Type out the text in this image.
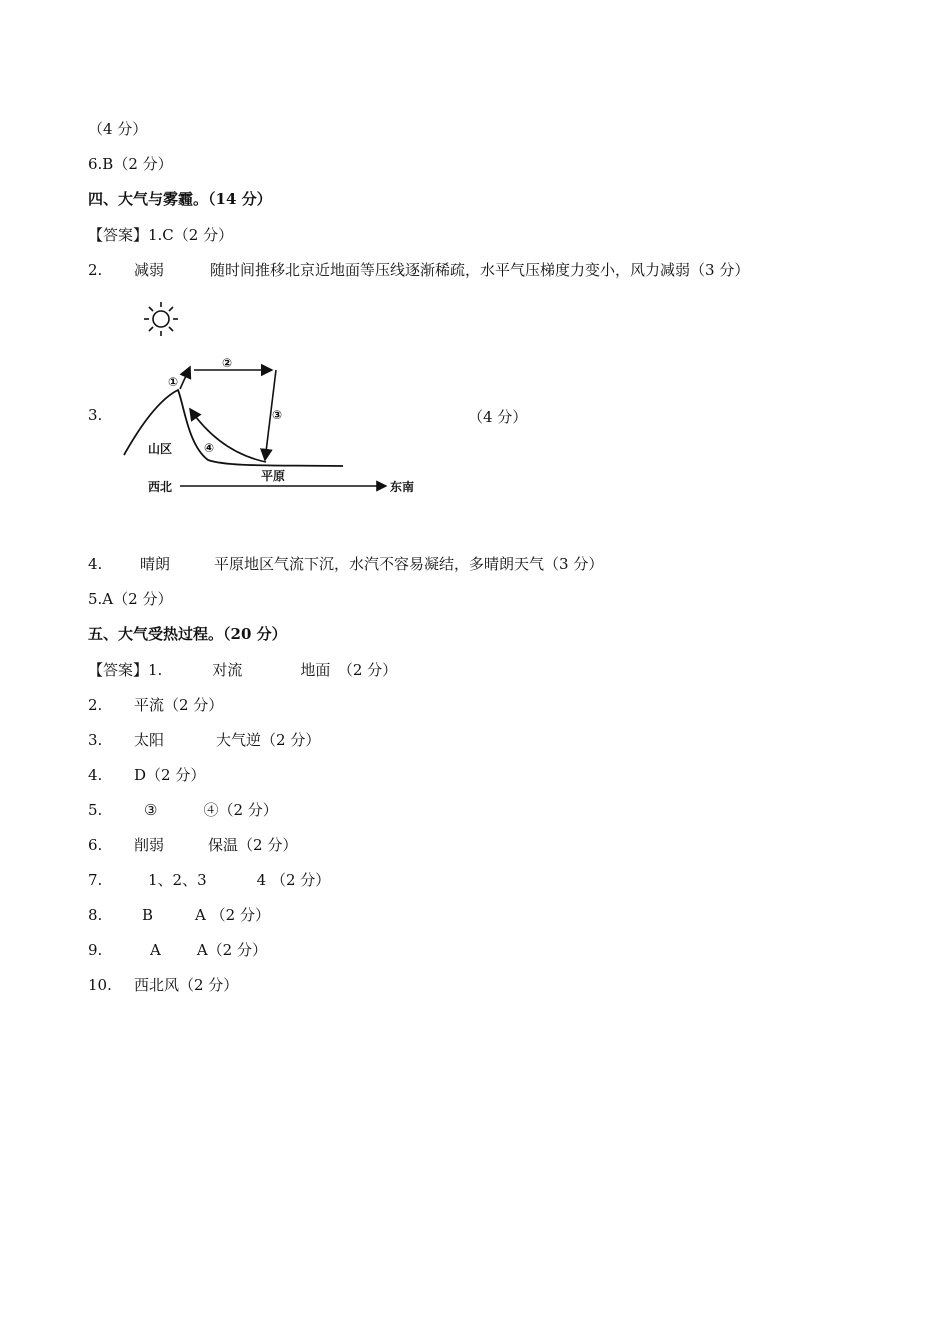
（4 分）
6.B（2 分）
四、大气与雾霾。（14 分）
【答案】1.C（2 分）
2. 减弱	随时间推移北京近地面等压线逐渐稀疏，水平气压梯度力变小，风力减弱（3 分）
3.	（4 分）
①
②
③
④
山区
平原
西北	东南
4.	晴朗	平原地区气流下沉，水汽不容易凝结，多晴朗天气（3 分）
5.A（2 分）
五、大气受热过程。（20 分）
【答案】1.	对流	地面　（2 分）
2. 平流（2 分）
3. 太阳	大气逆（2 分）
4. D（2 分）
5.	③	④（2 分）
6. 削弱	保温（2 分）
7.	1、2、3	4 （2 分）
8.	B	A （2 分）
9.	A A（2 分）
10. 西北风（2 分）
